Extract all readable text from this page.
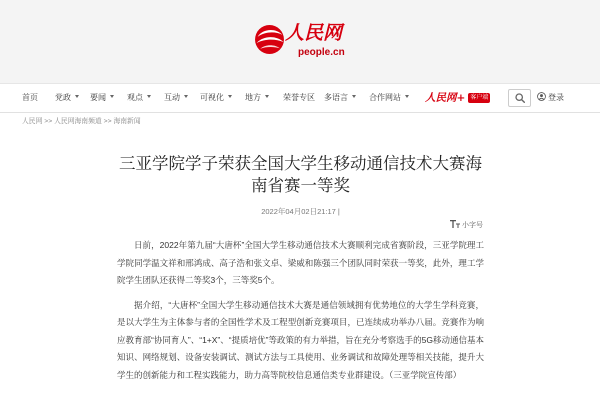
人民网
people.cn
首页 党政	要闻	观点	互动	可视化	地方	荣誉专区 多语言	合作网站	人民网+ 客户端	登录
人民网 >> 人民网海南频道 >> 海南新闻
三亚学院学子荣获全国大学生移动通信技术大赛海南省赛一等奖
2022年04月02日21:17 |
小字号

日前，2022年第九届“大唐杯”全国大学生移动通信技术大赛顺利完成省赛阶段，三亚学院理工学院同学温文祥和邢鸿成、高子浩和张文卓、梁威和陈强三个团队同时荣获一等奖，此外，理工学院学生团队还获得二等奖3个，三等奖5个。

据介绍，“大唐杯”全国大学生移动通信技术大赛是通信领域拥有优势地位的大学生学科竞赛，是以大学生为主体参与者的全国性学术及工程型创新竞赛项目，已连续成功举办八届。竞赛作为响应教育部“协同育人”、“1+X”、“提质培优”等政策的有力举措，旨在充分考察选手的5G移动通信基本知识、网络规划、设备安装调试、测试方法与工具使用、业务调试和故障处理等相关技能，提升大学生的创新能力和工程实践能力，助力高等院校信息通信类专业群建设。（三亚学院宣传部）
